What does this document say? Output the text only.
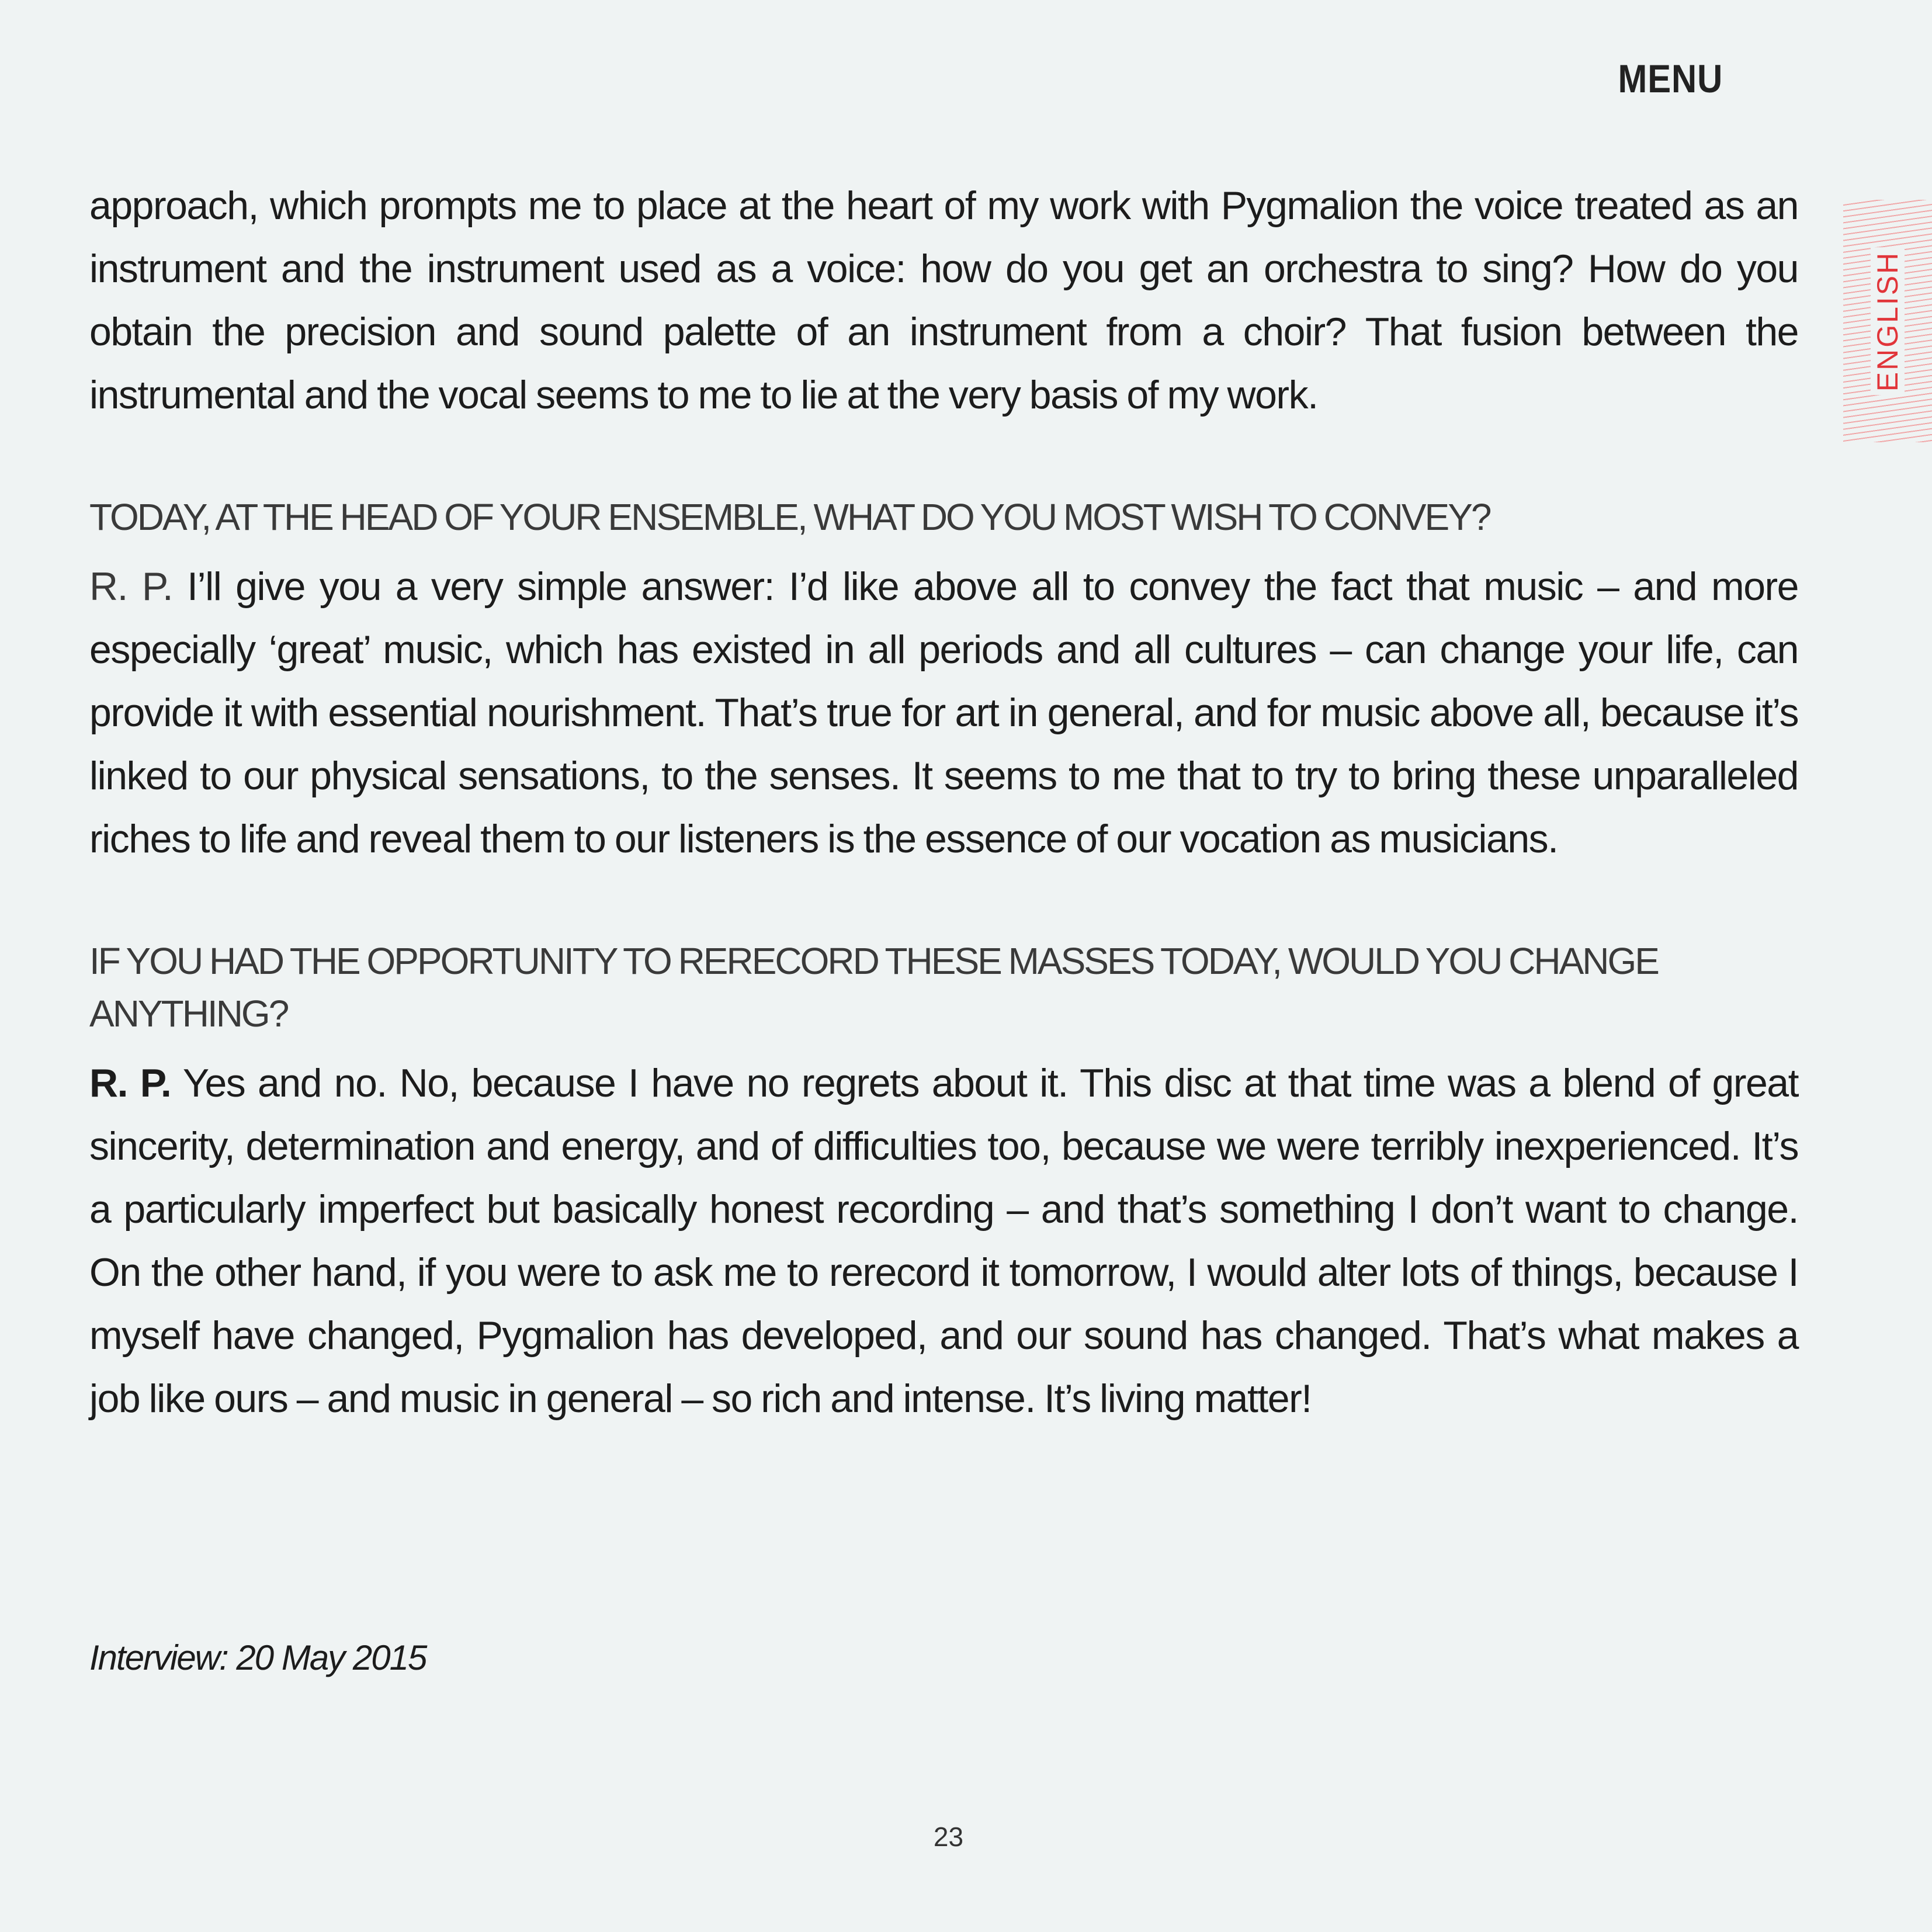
MENU
ENGLISH

approach, which prompts me to place at the heart of my work with Pygmalion the voice treated as an instrument and the instrument used as a voice: how do you get an orchestra to sing? How do you obtain the precision and sound palette of an instrument from a choir? That fusion between the instrumental and the vocal seems to me to lie at the very basis of my work.

TODAY, AT THE HEAD OF YOUR ENSEMBLE, WHAT DO YOU MOST WISH TO CONVEY?

R. P. I’ll give you a very simple answer: I’d like above all to convey the fact that music – and more especially ‘great’ music, which has existed in all periods and all cultures – can change your life, can provide it with essential nourishment. That’s true for art in general, and for music above all, because it’s linked to our physical sensations, to the senses. It seems to me that to try to bring these unparalleled riches to life and reveal them to our listeners is the essence of our vocation as musicians.

IF YOU HAD THE OPPORTUNITY TO RERECORD THESE MASSES TODAY, WOULD YOU CHANGE ANYTHING?

R. P. Yes and no. No, because I have no regrets about it. This disc at that time was a blend of great sincerity, determination and energy, and of difficulties too, because we were terribly inexperienced. It’s a particularly imperfect but basically honest recording – and that’s something I don’t want to change. On the other hand, if you were to ask me to rerecord it tomorrow, I would alter lots of things, because I myself have changed, Pygmalion has developed, and our sound has changed. That’s what makes a job like ours – and music in general – so rich and intense. It’s living matter!

Interview: 20 May 2015
23
